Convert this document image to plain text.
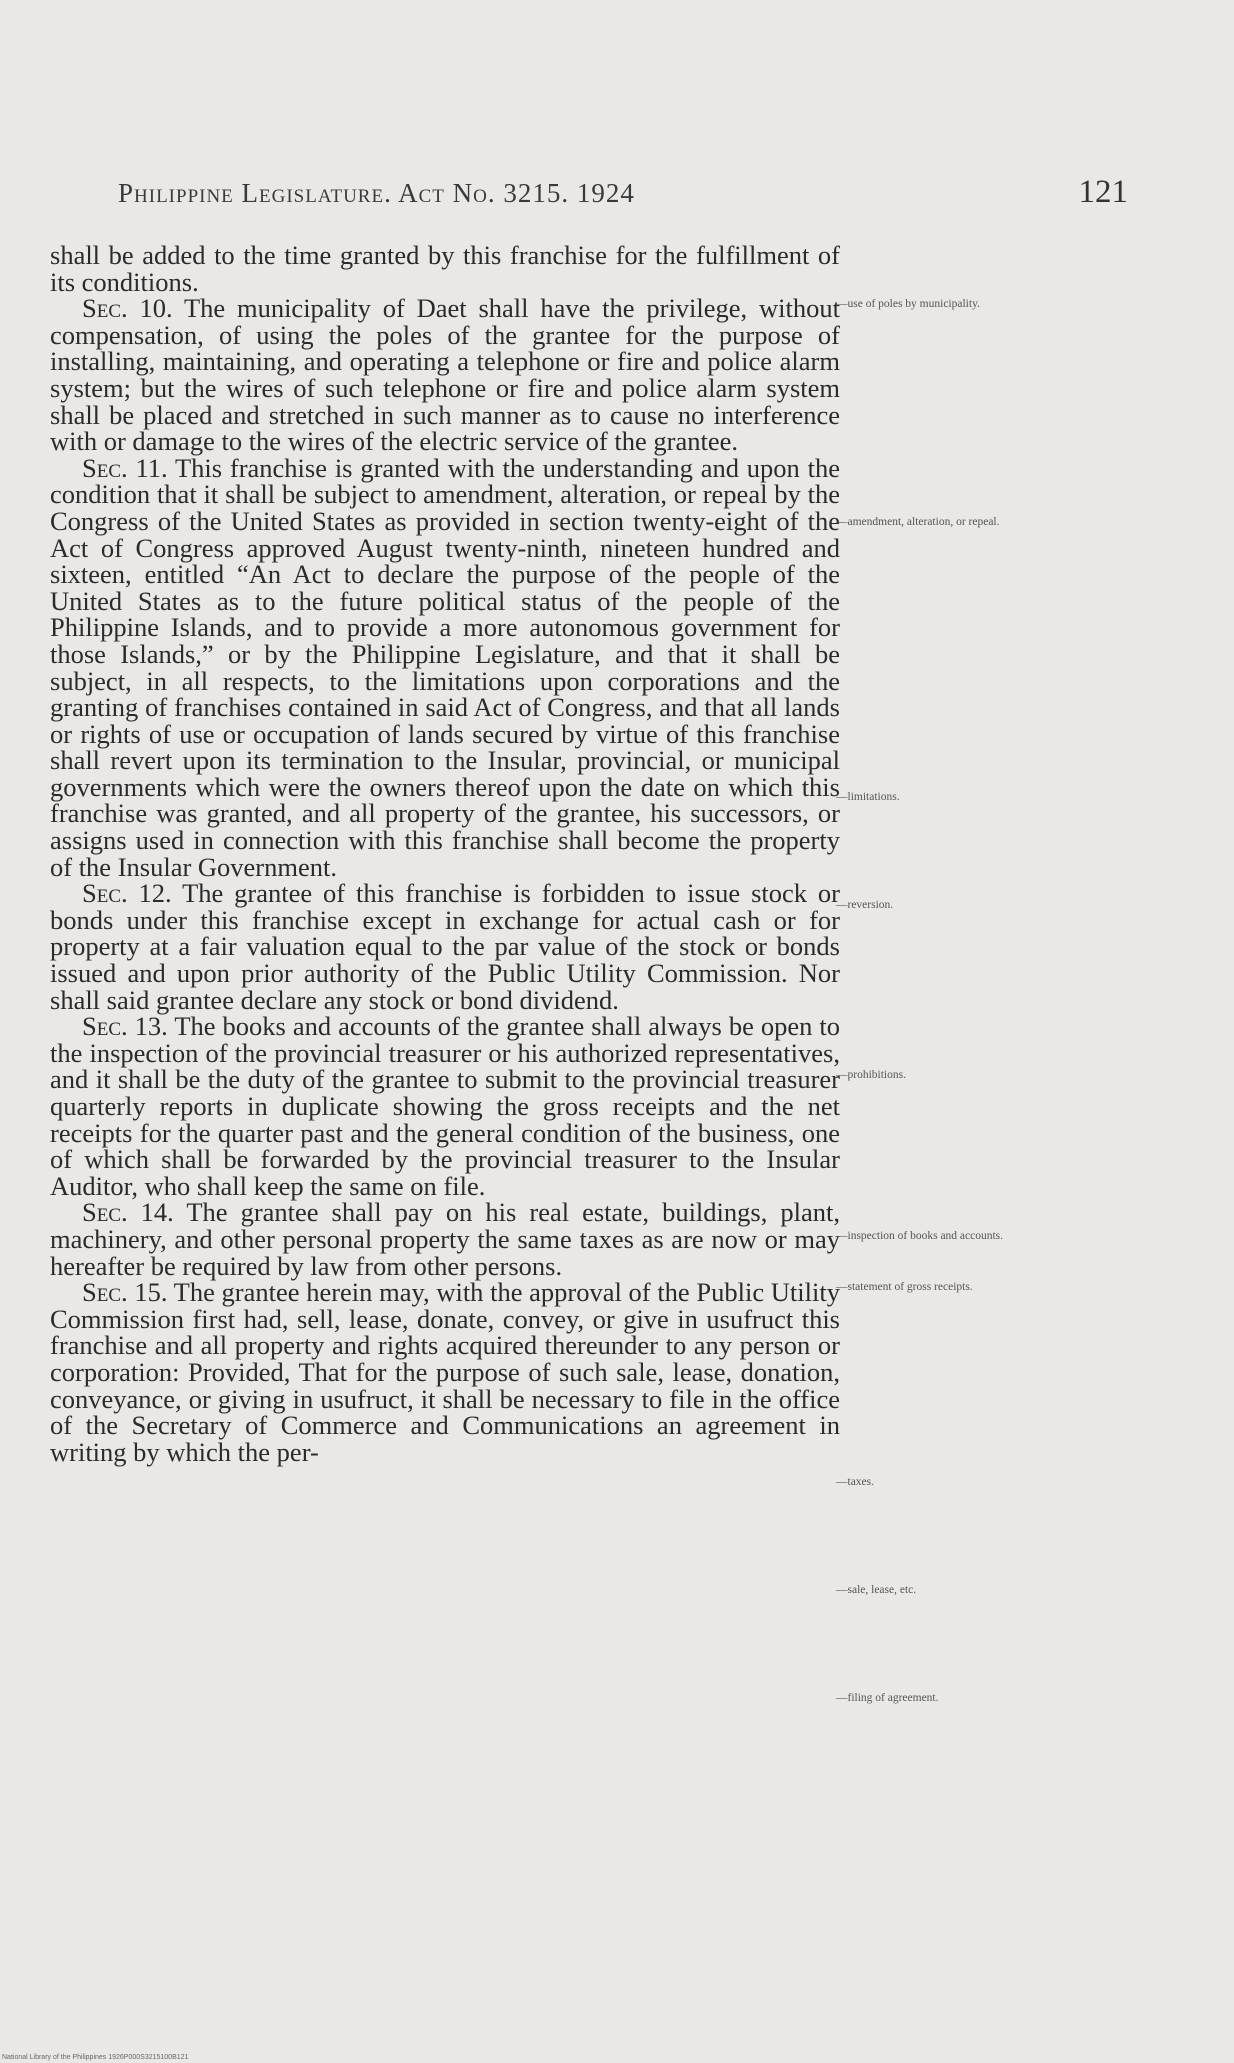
Philippine Legislature. Act No. 3215. 1924	121

shall be added to the time granted by this franchise for the fulfillment of its conditions.

Sec. 10. The municipality of Daet shall have the privilege, without compensation, of using the poles of the grantee for the purpose of installing, maintaining, and operating a telephone or fire and police alarm system; but the wires of such telephone or fire and police alarm system shall be placed and stretched in such manner as to cause no interference with or damage to the wires of the electric service of the grantee.

Sec. 11. This franchise is granted with the understanding and upon the condition that it shall be subject to amendment, alteration, or repeal by the Congress of the United States as provided in section twenty-eight of the Act of Congress approved August twenty-ninth, nineteen hundred and sixteen, entitled “An Act to declare the purpose of the people of the United States as to the future political status of the people of the Philippine Islands, and to provide a more autonomous government for those Islands,” or by the Philippine Legislature, and that it shall be subject, in all respects, to the limitations upon corporations and the granting of franchises contained in said Act of Congress, and that all lands or rights of use or occupation of lands secured by virtue of this franchise shall revert upon its termination to the Insular, provincial, or municipal governments which were the owners thereof upon the date on which this franchise was granted, and all property of the grantee, his successors, or assigns used in connection with this franchise shall become the property of the Insular Government.

Sec. 12. The grantee of this franchise is forbidden to issue stock or bonds under this franchise except in exchange for actual cash or for property at a fair valuation equal to the par value of the stock or bonds issued and upon prior authority of the Public Utility Commission. Nor shall said grantee declare any stock or bond dividend.

Sec. 13. The books and accounts of the grantee shall always be open to the inspection of the provincial treasurer or his authorized representatives, and it shall be the duty of the grantee to submit to the provincial treasurer quarterly reports in duplicate showing the gross receipts and the net receipts for the quarter past and the general condition of the business, one of which shall be forwarded by the provincial treasurer to the Insular Auditor, who shall keep the same on file.

Sec. 14. The grantee shall pay on his real estate, buildings, plant, machinery, and other personal property the same taxes as are now or may hereafter be required by law from other persons.

Sec. 15. The grantee herein may, with the approval of the Public Utility Commission first had, sell, lease, donate, convey, or give in usufruct this franchise and all property and rights acquired thereunder to any person or corporation: Provided, That for the purpose of such sale, lease, donation, conveyance, or giving in usufruct, it shall be necessary to file in the office of the Secretary of Commerce and Communications an agreement in writing by which the per-

—use of poles by municipality.
—amendment, alteration, or repeal.
—limitations.
—reversion.
—prohibitions.
—inspection of books and accounts.
—statement of gross receipts.
—taxes.
—sale, lease, etc.
—filing of agreement.
National Library of the Philippines 1926P000S3215100B121
